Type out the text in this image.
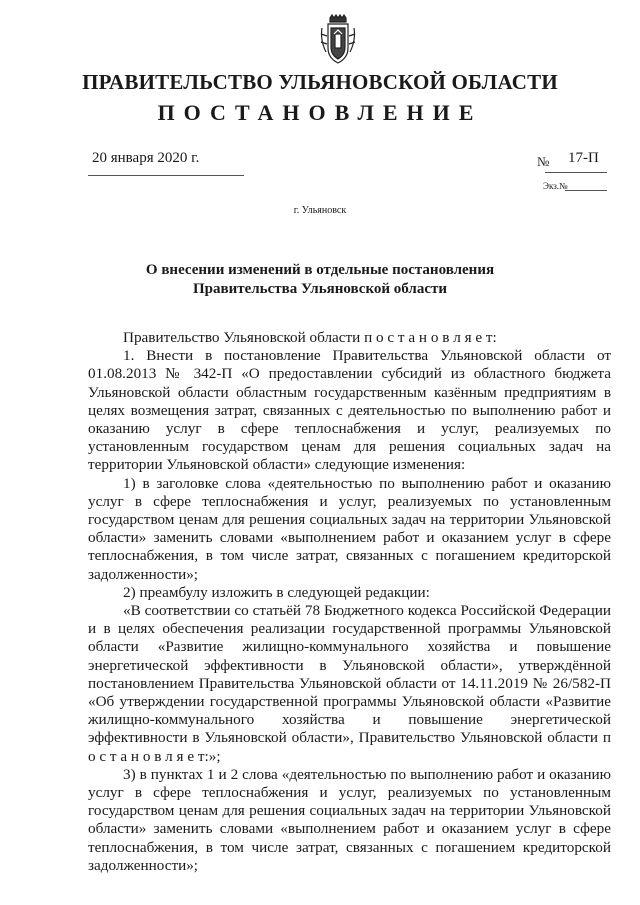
ПРАВИТЕЛЬСТВО УЛЬЯНОВСКОЙ ОБЛАСТИ
ПОСТАНОВЛЕНИЕ
20 января 2020 г.	№ 17-П
Экз.№
г. Ульяновск
О внесении изменений в отдельные постановления
Правительства Ульяновской области

Правительство Ульяновской области п о с т а н о в л я е т:

1. Внести в постановление Правительства Ульяновской области от 01.08.2013 № 342-П «О предоставлении субсидий из областного бюджета Ульяновской области областным государственным казённым предприятиям в целях возмещения затрат, связанных с деятельностью по выполнению работ и оказанию услуг в сфере теплоснабжения и услуг, реализуемых по установленным государством ценам для решения социальных задач на территории Ульяновской области» следующие изменения:

1) в заголовке слова «деятельностью по выполнению работ и оказанию услуг в сфере теплоснабжения и услуг, реализуемых по установленным государством ценам для решения социальных задач на территории Ульяновской области» заменить словами «выполнением работ и оказанием услуг в сфере теплоснабжения, в том числе затрат, связанных с погашением кредиторской задолженности»;

2) преамбулу изложить в следующей редакции:

«В соответствии со статьёй 78 Бюджетного кодекса Российской Федерации и в целях обеспечения реализации государственной программы Ульяновской области «Развитие жилищно-коммунального хозяйства и повышение энергетической эффективности в Ульяновской области», утверждённой постановлением Правительства Ульяновской области от 14.11.2019 № 26/582-П «Об утверждении государственной программы Ульяновской области «Развитие жилищно-коммунального хозяйства и повышение энергетической эффективности в Ульяновской области», Правительство Ульяновской области п о с т а н о в л я е т:»;

3) в пунктах 1 и 2 слова «деятельностью по выполнению работ и оказанию услуг в сфере теплоснабжения и услуг, реализуемых по установленным государством ценам для решения социальных задач на территории Ульяновской области» заменить словами «выполнением работ и оказанием услуг в сфере теплоснабжения, в том числе затрат, связанных с погашением кредиторской задолженности»;
